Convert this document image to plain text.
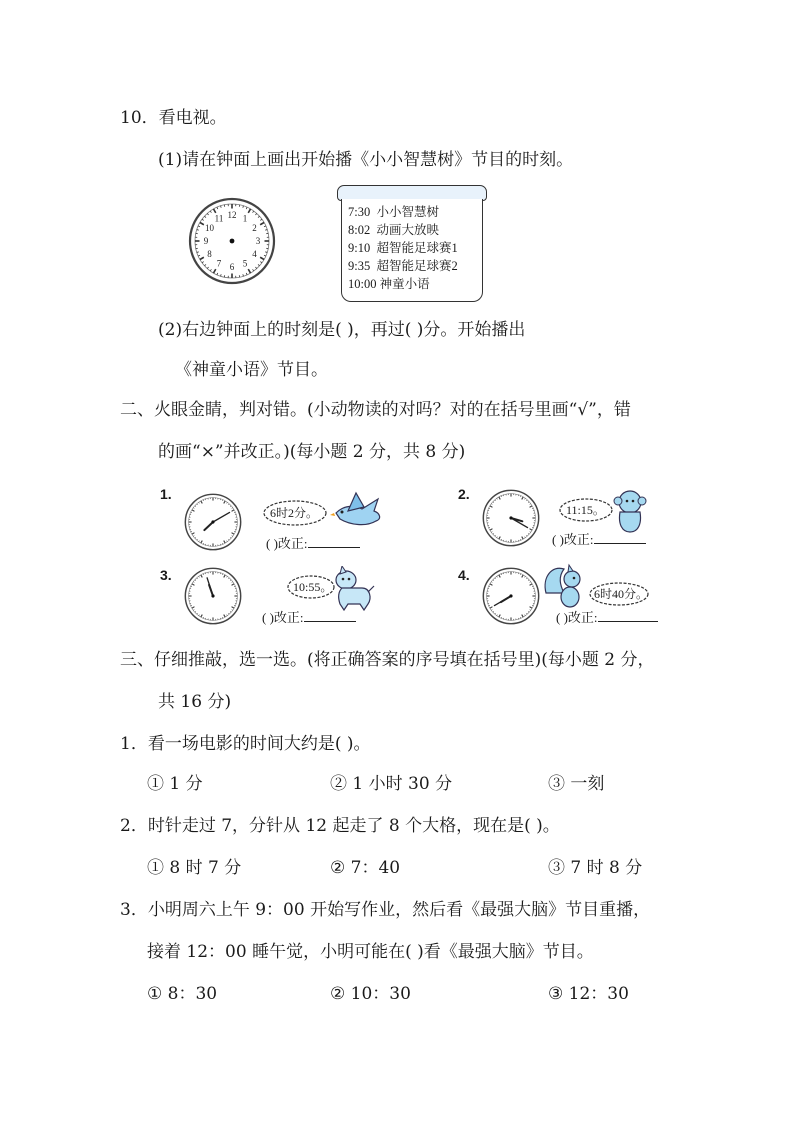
10．看电视。
(1)请在钟面上画出开始播《小小智慧树》节目的时刻。
12 1
2
3
4
5
6
7
8
9
10
11	7:30 小小智慧树
8:02 动画大放映
9:10 超智能足球赛1
9:35 超智能足球赛2
10:00 神童小语
(2)右边钟面上的时刻是( )，再过( )分。开始播出
《神童小语》节目。
二、火眼金睛，判对错。(小动物读的对吗？对的在括号里画“√”，错
的画“×”并改正。)(每小题 2 分，共 8 分)
1.
6时2分。
( )改正:
2.
11:15。
( )改正:
3.
10:55。
( )改正:
4.
6时40分。
( )改正:
三、仔细推敲，选一选。(将正确答案的序号填在括号里)(每小题 2 分，
共 16 分)
1．看一场电影的时间大约是( )。
① 1 分	② 1 小时 30 分	③ 一刻
2．时针走过 7，分针从 12 起走了 8 个大格，现在是( )。
① 8 时 7 分	② 7：40	③ 7 时 8 分
3．小明周六上午 9：00 开始写作业，然后看《最强大脑》节目重播，
接着 12：00 睡午觉，小明可能在( )看《最强大脑》节目。
① 8：30	② 10：30	③ 12：30
